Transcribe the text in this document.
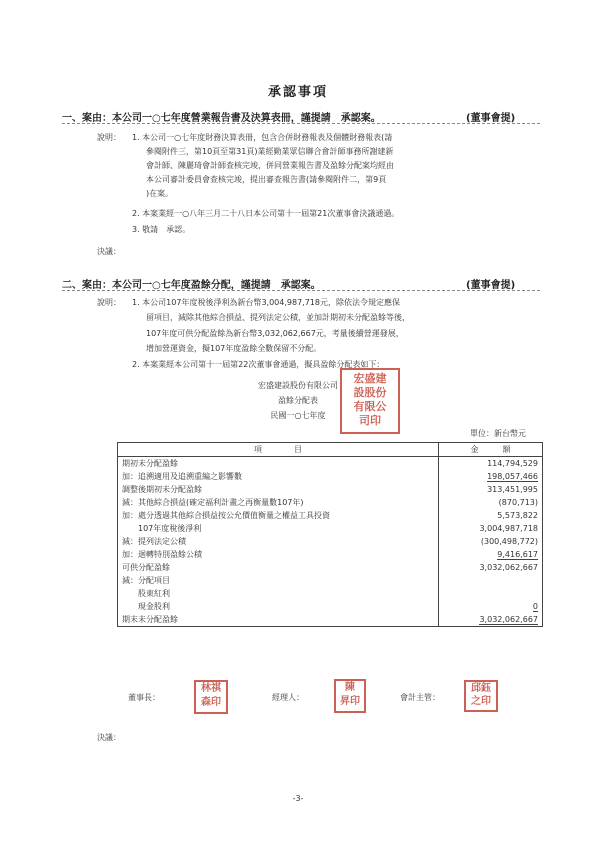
承認事項
一、案由：本公司一○七年度營業報告書及決算表冊，謹提請　承認案。	(董事會提)
說明： 1. 本公司一○七年度財務決算表冊，包含合併財務報表及個體財務報表(請
參閱附件三，第10頁至第31頁)業經勤業眾信聯合會計師事務所謝建新
會計師、陳麗琦會計師查核完竣，併同營業報告書及盈餘分配案均經由
本公司審計委員會查核完竣，提出審查報告書(請參閱附件二，第9頁
)在案。
2. 本案業經一○八年三月二十八日本公司第十一屆第21次董事會決議通過。
3. 敬請　承認。
決議：
二、案由：本公司一○七年度盈餘分配，謹提請　承認案。	(董事會提)
說明： 1. 本公司107年度稅後淨利為新台幣3,004,987,718元，除依法令規定應保
留項目，減除其他綜合損益、提列法定公積，並加計期初未分配盈餘等後，
107年度可供分配盈餘為新台幣3,032,062,667元，考量後續營運發展，
增加營運資金，擬107年度盈餘全數保留不分配。
2. 本案業經本公司第十一屆第22次董事會通過，擬具盈餘分配表如下：
宏盛建設股份有限公司
盈餘分配表
民國一○七年度
單位：新台幣元
宏盛建
設股份
有限公
司印
項　　　　目	金　　　額
期初未分配盈餘	114,794,529
加：追溯適用及追溯重編之影響數	198,057,466
調整後期初未分配盈餘	313,451,995
減：其他綜合損益(確定福利計畫之再衡量數107年)	(870,713)
加：處分透過其他綜合損益按公允價值衡量之權益工具投資	5,573,822
　　107年度稅後淨利	3,004,987,718
減：提列法定公積	(300,498,772)
加：迴轉特別盈餘公積	9,416,617
可供分配盈餘	3,032,062,667
減：分配項目	
　　股東紅利	
　　現金股利	0
期末未分配盈餘	3,032,062,667
董事長：
林祺
森印	經理人：
陳
昇印	會計主管：
邱鈺
之印
決議：
-3-
